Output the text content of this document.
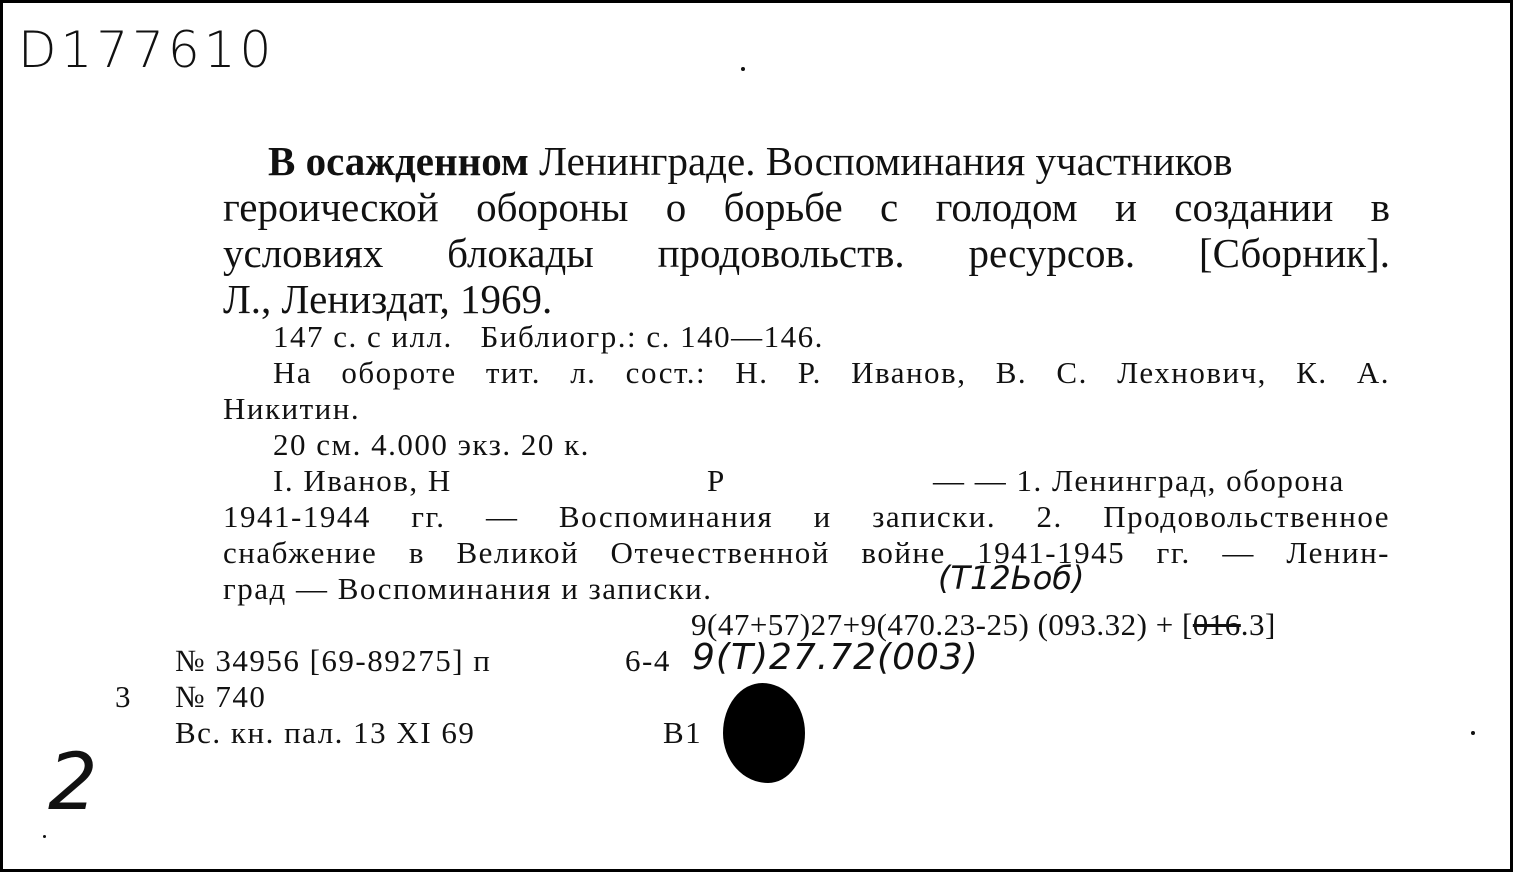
D177610
В осажденном Ленинграде. Воспоминания участников
героической обороны о борьбе с голодом и создании в
условиях блокады продовольств. ресурсов. [Сборник].
Л., Лениздат, 1969.
147 с. с илл.   Библиогр.: с. 140—146.
На обороте тит. л. сост.: Н. Р. Иванов, В. С. Лехнович, К. А.
Никитин.
20 см. 4.000 экз. 20 к.
I. Иванов, Н	Р	— — 1. Ленинград, оборона
1941-1944 гг. — Воспоминания и записки. 2. Продовольственное
снабжение в Великой Отечественной войне 1941-1945 гг. — Ленин-
град — Воспоминания и записки.	(Т12Ьоб)
9(47+57)27+9(470.23-25) (093.32) + [016.3]
№ 34956 [69-89275] п	6-4 9(Т)27.72(003)
3 № 740
Вс. кн. пал. 13 XI 69	B1
2
